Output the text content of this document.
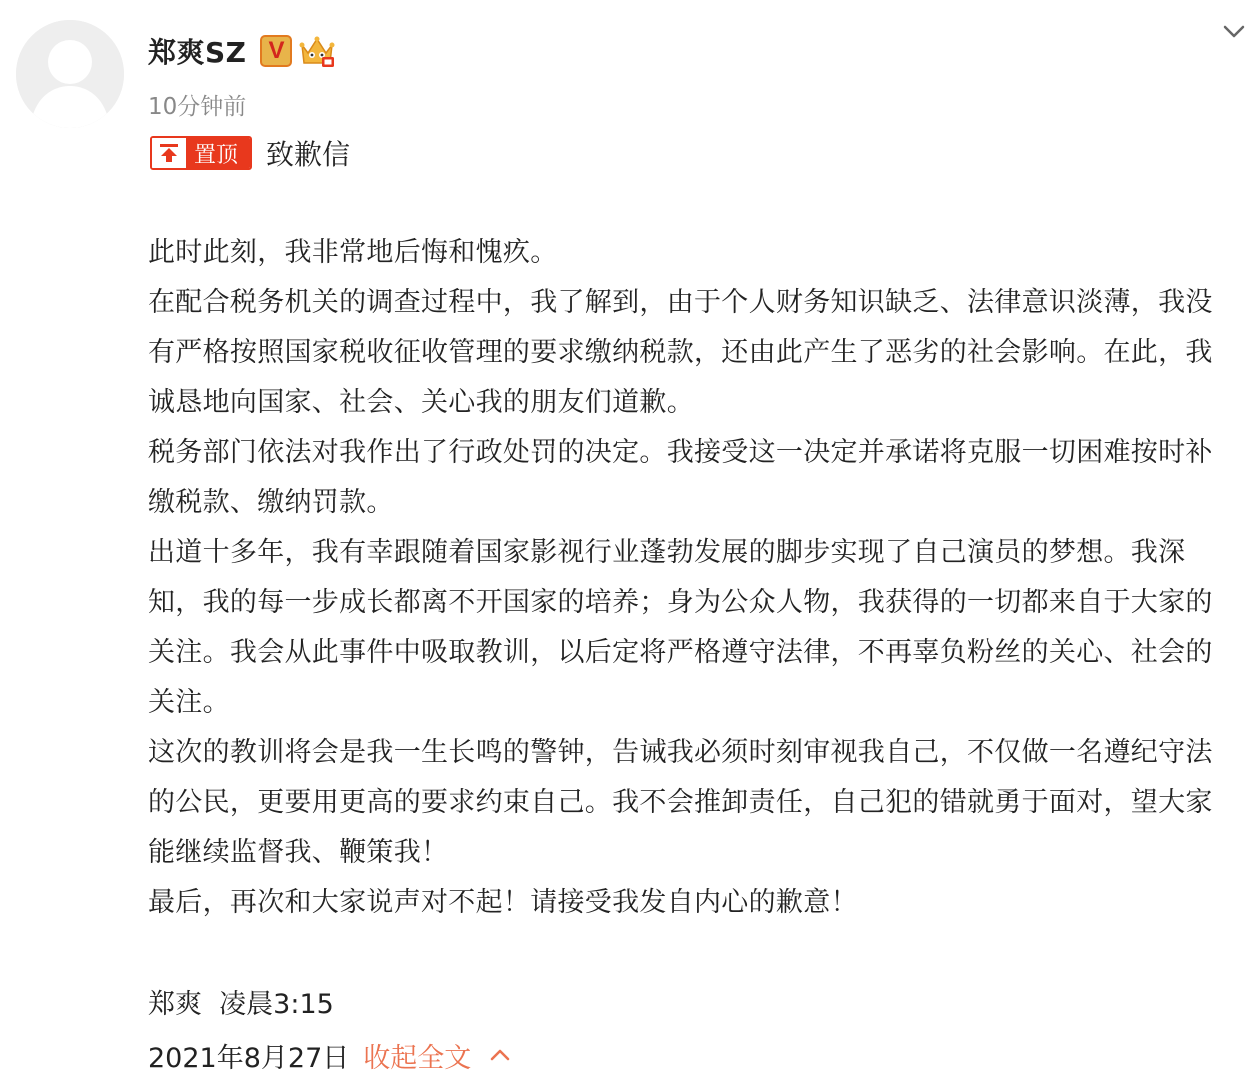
郑爽SZ V
10分钟前
置顶	致歉信

此时此刻，我非常地后悔和愧疚。

在配合税务机关的调查过程中，我了解到，由于个人财务知识缺乏、法律意识淡薄，我没有严格按照国家税收征收管理的要求缴纳税款，还由此产生了恶劣的社会影响。在此，我诚恳地向国家、社会、关心我的朋友们道歉。

税务部门依法对我作出了行政处罚的决定。我接受这一决定并承诺将克服一切困难按时补缴税款、缴纳罚款。

出道十多年，我有幸跟随着国家影视行业蓬勃发展的脚步实现了自己演员的梦想。我深知，我的每一步成长都离不开国家的培养；身为公众人物，我获得的一切都来自于大家的关注。我会从此事件中吸取教训，以后定将严格遵守法律，不再辜负粉丝的关心、社会的关注。

这次的教训将会是我一生长鸣的警钟，告诫我必须时刻审视我自己，不仅做一名遵纪守法的公民，更要用更高的要求约束自己。我不会推卸责任，自己犯的错就勇于面对，望大家能继续监督我、鞭策我！

最后，再次和大家说声对不起！请接受我发自内心的歉意！

郑爽  凌晨3:15
2021年8月27日 收起全文
